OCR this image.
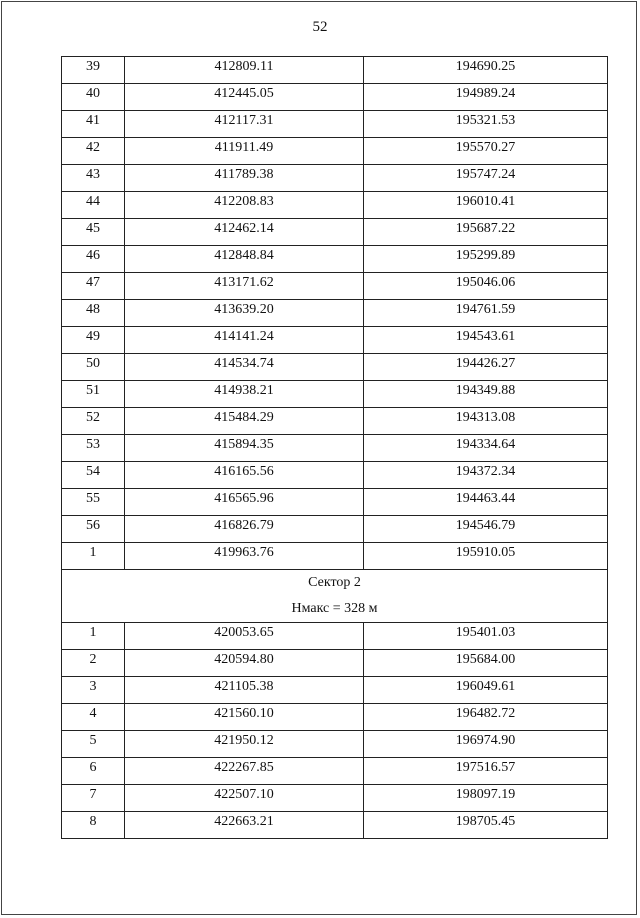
52
39	412809.11	194690.25
40	412445.05	194989.24
41	412117.31	195321.53
42	411911.49	195570.27
43	411789.38	195747.24
44	412208.83	196010.41
45	412462.14	195687.22
46	412848.84	195299.89
47	413171.62	195046.06
48	413639.20	194761.59
49	414141.24	194543.61
50	414534.74	194426.27
51	414938.21	194349.88
52	415484.29	194313.08
53	415894.35	194334.64
54	416165.56	194372.34
55	416565.96	194463.44
56	416826.79	194546.79
1	419963.76	195910.05

Сектор 2
Hмакс = 328 м		

1	420053.65	195401.03
2	420594.80	195684.00
3	421105.38	196049.61
4	421560.10	196482.72
5	421950.12	196974.90
6	422267.85	197516.57
7	422507.10	198097.19
8	422663.21	198705.45
